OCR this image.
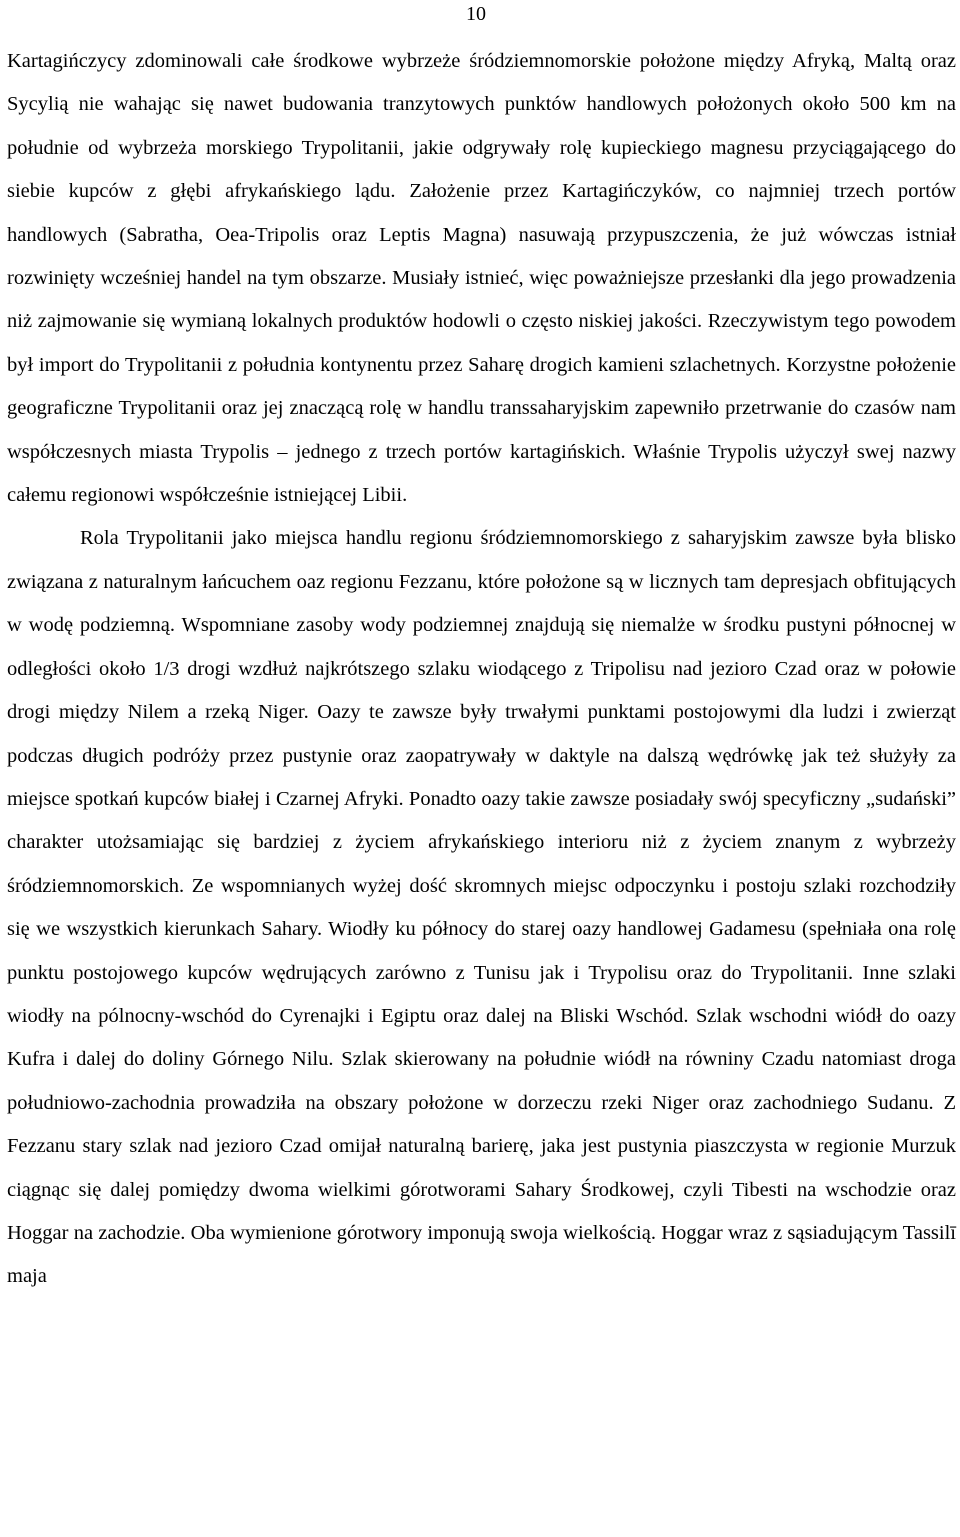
10

Kartagińczycy zdominowali całe środkowe wybrzeże śródziemnomorskie położone między Afryką, Maltą oraz Sycylią nie wahając się nawet budowania tranzytowych punktów handlowych położonych około 500 km na południe od wybrzeża morskiego Trypolitanii, jakie odgrywały rolę kupieckiego magnesu przyciągającego do siebie kupców z głębi afrykańskiego lądu. Założenie przez Kartagińczyków, co najmniej trzech portów handlowych (Sabratha, Oea-Tripolis oraz Leptis Magna) nasuwają przypuszczenia, że już wówczas istniał rozwinięty wcześniej handel na tym obszarze. Musiały istnieć, więc poważniejsze przesłanki dla jego prowadzenia niż zajmowanie się wymianą lokalnych produktów hodowli o często niskiej jakości. Rzeczywistym tego powodem był import do Trypolitanii z południa kontynentu przez Saharę drogich kamieni szlachetnych. Korzystne położenie geograficzne Trypolitanii oraz jej znaczącą rolę w handlu transsaharyjskim zapewniło przetrwanie do czasów nam współczesnych miasta Trypolis – jednego z trzech portów kartagińskich. Właśnie Trypolis użyczył swej nazwy całemu regionowi współcześnie istniejącej Libii.

Rola Trypolitanii jako miejsca handlu regionu śródziemnomorskiego z saharyjskim zawsze była blisko związana z naturalnym łańcuchem oaz regionu Fezzanu, które położone są w licznych tam depresjach obfitujących w wodę podziemną. Wspomniane zasoby wody podziemnej znajdują się niemalże w środku pustyni północnej w odległości około 1/3 drogi wzdłuż najkrótszego szlaku wiodącego z Tripolisu nad jezioro Czad oraz w połowie drogi między Nilem a rzeką Niger. Oazy te zawsze były trwałymi punktami postojowymi dla ludzi i zwierząt podczas długich podróży przez pustynie oraz zaopatrywały w daktyle na dalszą wędrówkę jak też służyły za miejsce spotkań kupców białej i Czarnej Afryki. Ponadto oazy takie zawsze posiadały swój specyficzny „sudański” charakter utożsamiając się bardziej z życiem afrykańskiego interioru niż z życiem znanym z wybrzeży śródziemnomorskich. Ze wspomnianych wyżej dość skromnych miejsc odpoczynku i postoju szlaki rozchodziły się we wszystkich kierunkach Sahary. Wiodły ku północy do starej oazy handlowej Gadamesu (spełniała ona rolę punktu postojowego kupców wędrujących zarówno z Tunisu jak i Trypolisu oraz do Trypolitanii. Inne szlaki wiodły na pólnocny-wschód do Cyrenajki i Egiptu oraz dalej na Bliski Wschód. Szlak wschodni wiódł do oazy Kufra i dalej do doliny Górnego Nilu. Szlak skierowany na południe wiódł na równiny Czadu natomiast droga południowo-zachodnia prowadziła na obszary położone w dorzeczu rzeki Niger oraz zachodniego Sudanu. Z Fezzanu stary szlak nad jezioro Czad omijał naturalną barierę, jaka jest pustynia piaszczysta w regionie Murzuk ciągnąc się dalej pomiędzy dwoma wielkimi górotworami Sahary Środkowej, czyli Tibesti na wschodzie oraz Hoggar na zachodzie. Oba wymienione górotwory imponują swoja wielkością. Hoggar wraz z sąsiadującym Tassilī maja
